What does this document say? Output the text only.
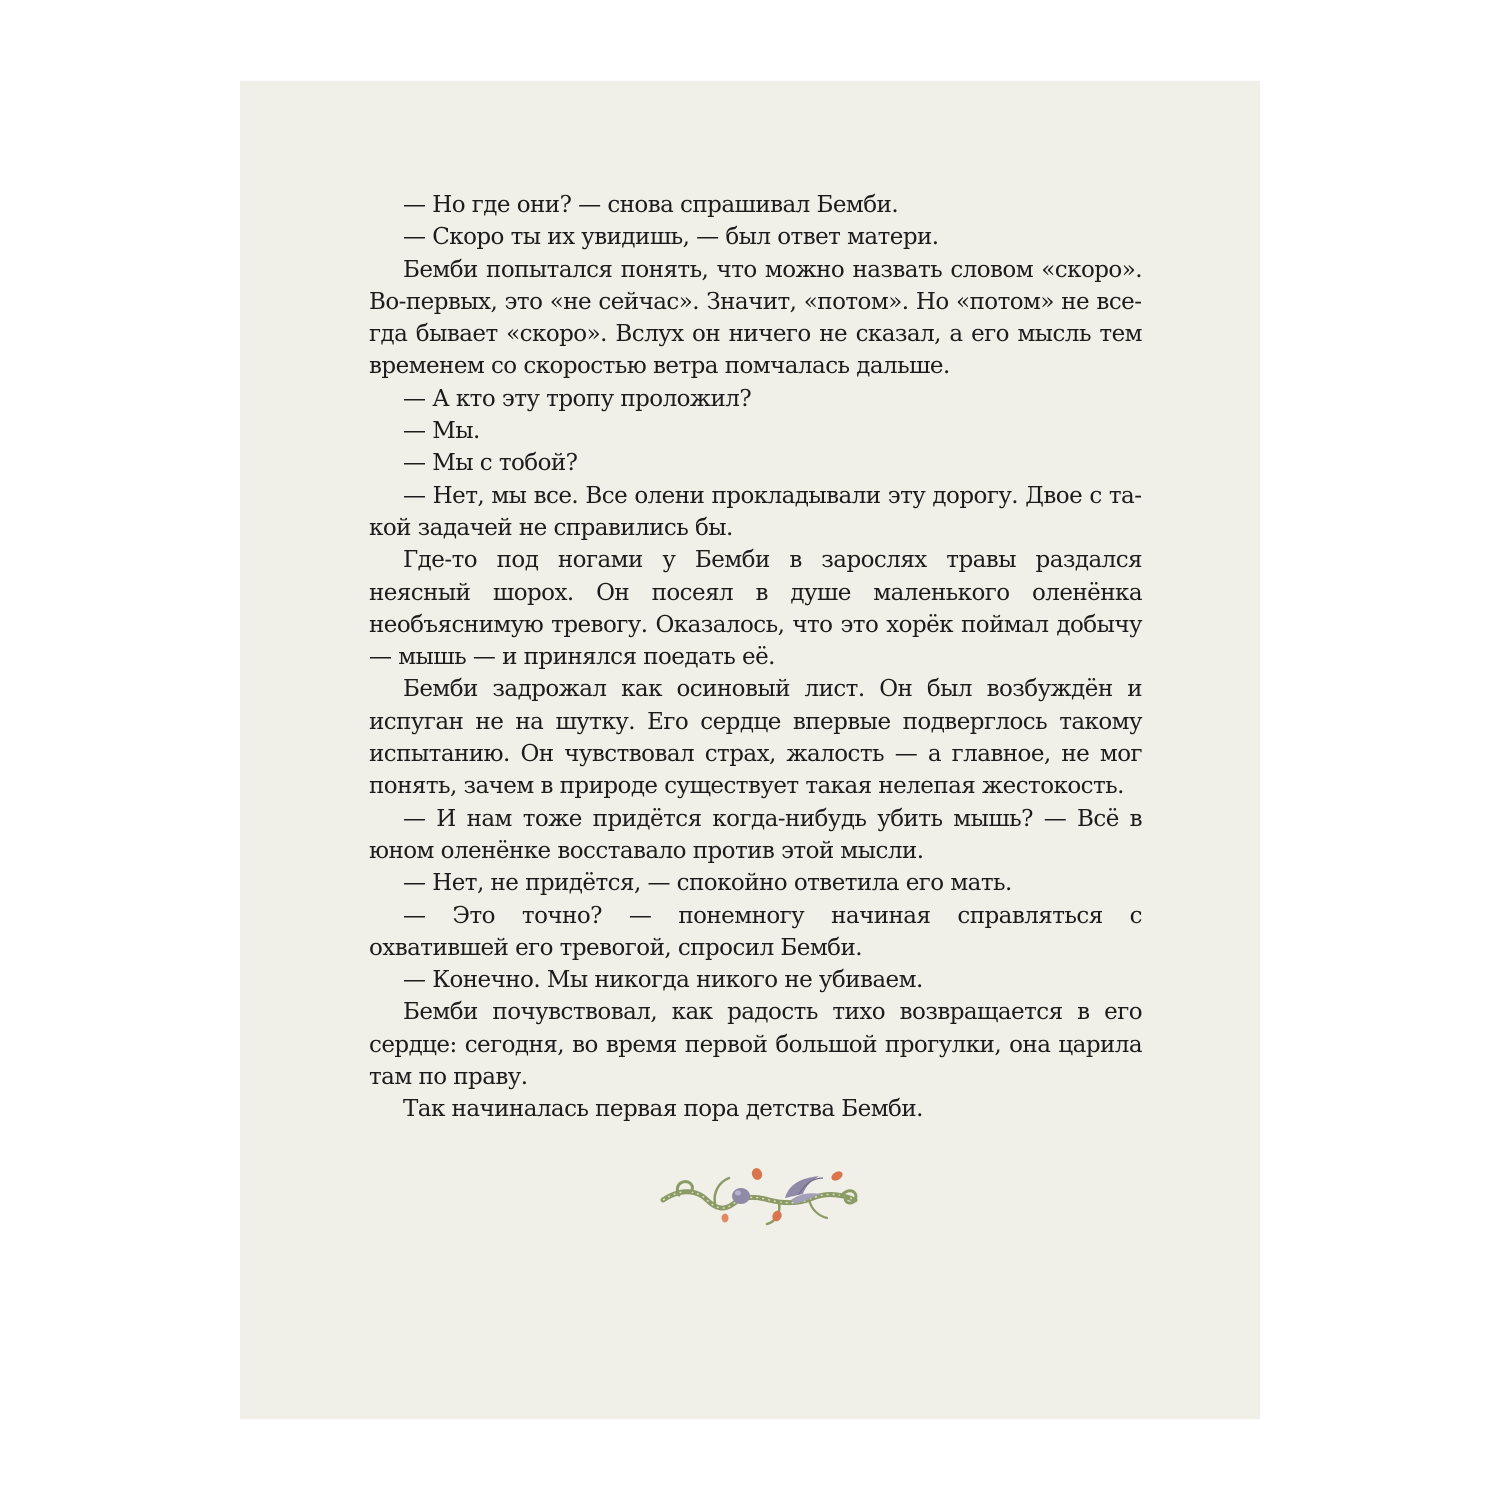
— Но где они? — снова спрашивал Бемби.

— Скоро ты их увидишь, — был ответ матери.

Бемби попытался понять, что можно назвать словом «скоро». Во-первых, это «не сейчас». Значит, «потом». Но «потом» не всегда бывает «скоро». Вслух он ничего не сказал, а его мысль тем временем со скоростью ветра помчалась дальше.

— А кто эту тропу проложил?

— Мы.

— Мы с тобой?

— Нет, мы все. Все олени прокладывали эту дорогу. Двое с такой задачей не справились бы.

Где-то под ногами у Бемби в зарослях травы раздался неясный шорох. Он посеял в душе маленького оленёнка необъяснимую тревогу. Оказалось, что это хорёк поймал добычу — мышь — и принялся поедать её.

Бемби задрожал как осиновый лист. Он был возбуждён и испуган не на шутку. Его сердце впервые подверглось такому испытанию. Он чувствовал страх, жалость — а главное, не мог понять, зачем в природе существует такая нелепая жестокость.

— И нам тоже придётся когда-нибудь убить мышь? — Всё в юном оленёнке восставало против этой мысли.

— Нет, не придётся, — спокойно ответила его мать.

— Это точно? — понемногу начиная справляться с охватившей его тревогой, спросил Бемби.

— Конечно. Мы никогда никого не убиваем.

Бемби почувствовал, как радость тихо возвращается в его сердце: сегодня, во время первой большой прогулки, она царила там по праву.

Так начиналась первая пора детства Бемби.
